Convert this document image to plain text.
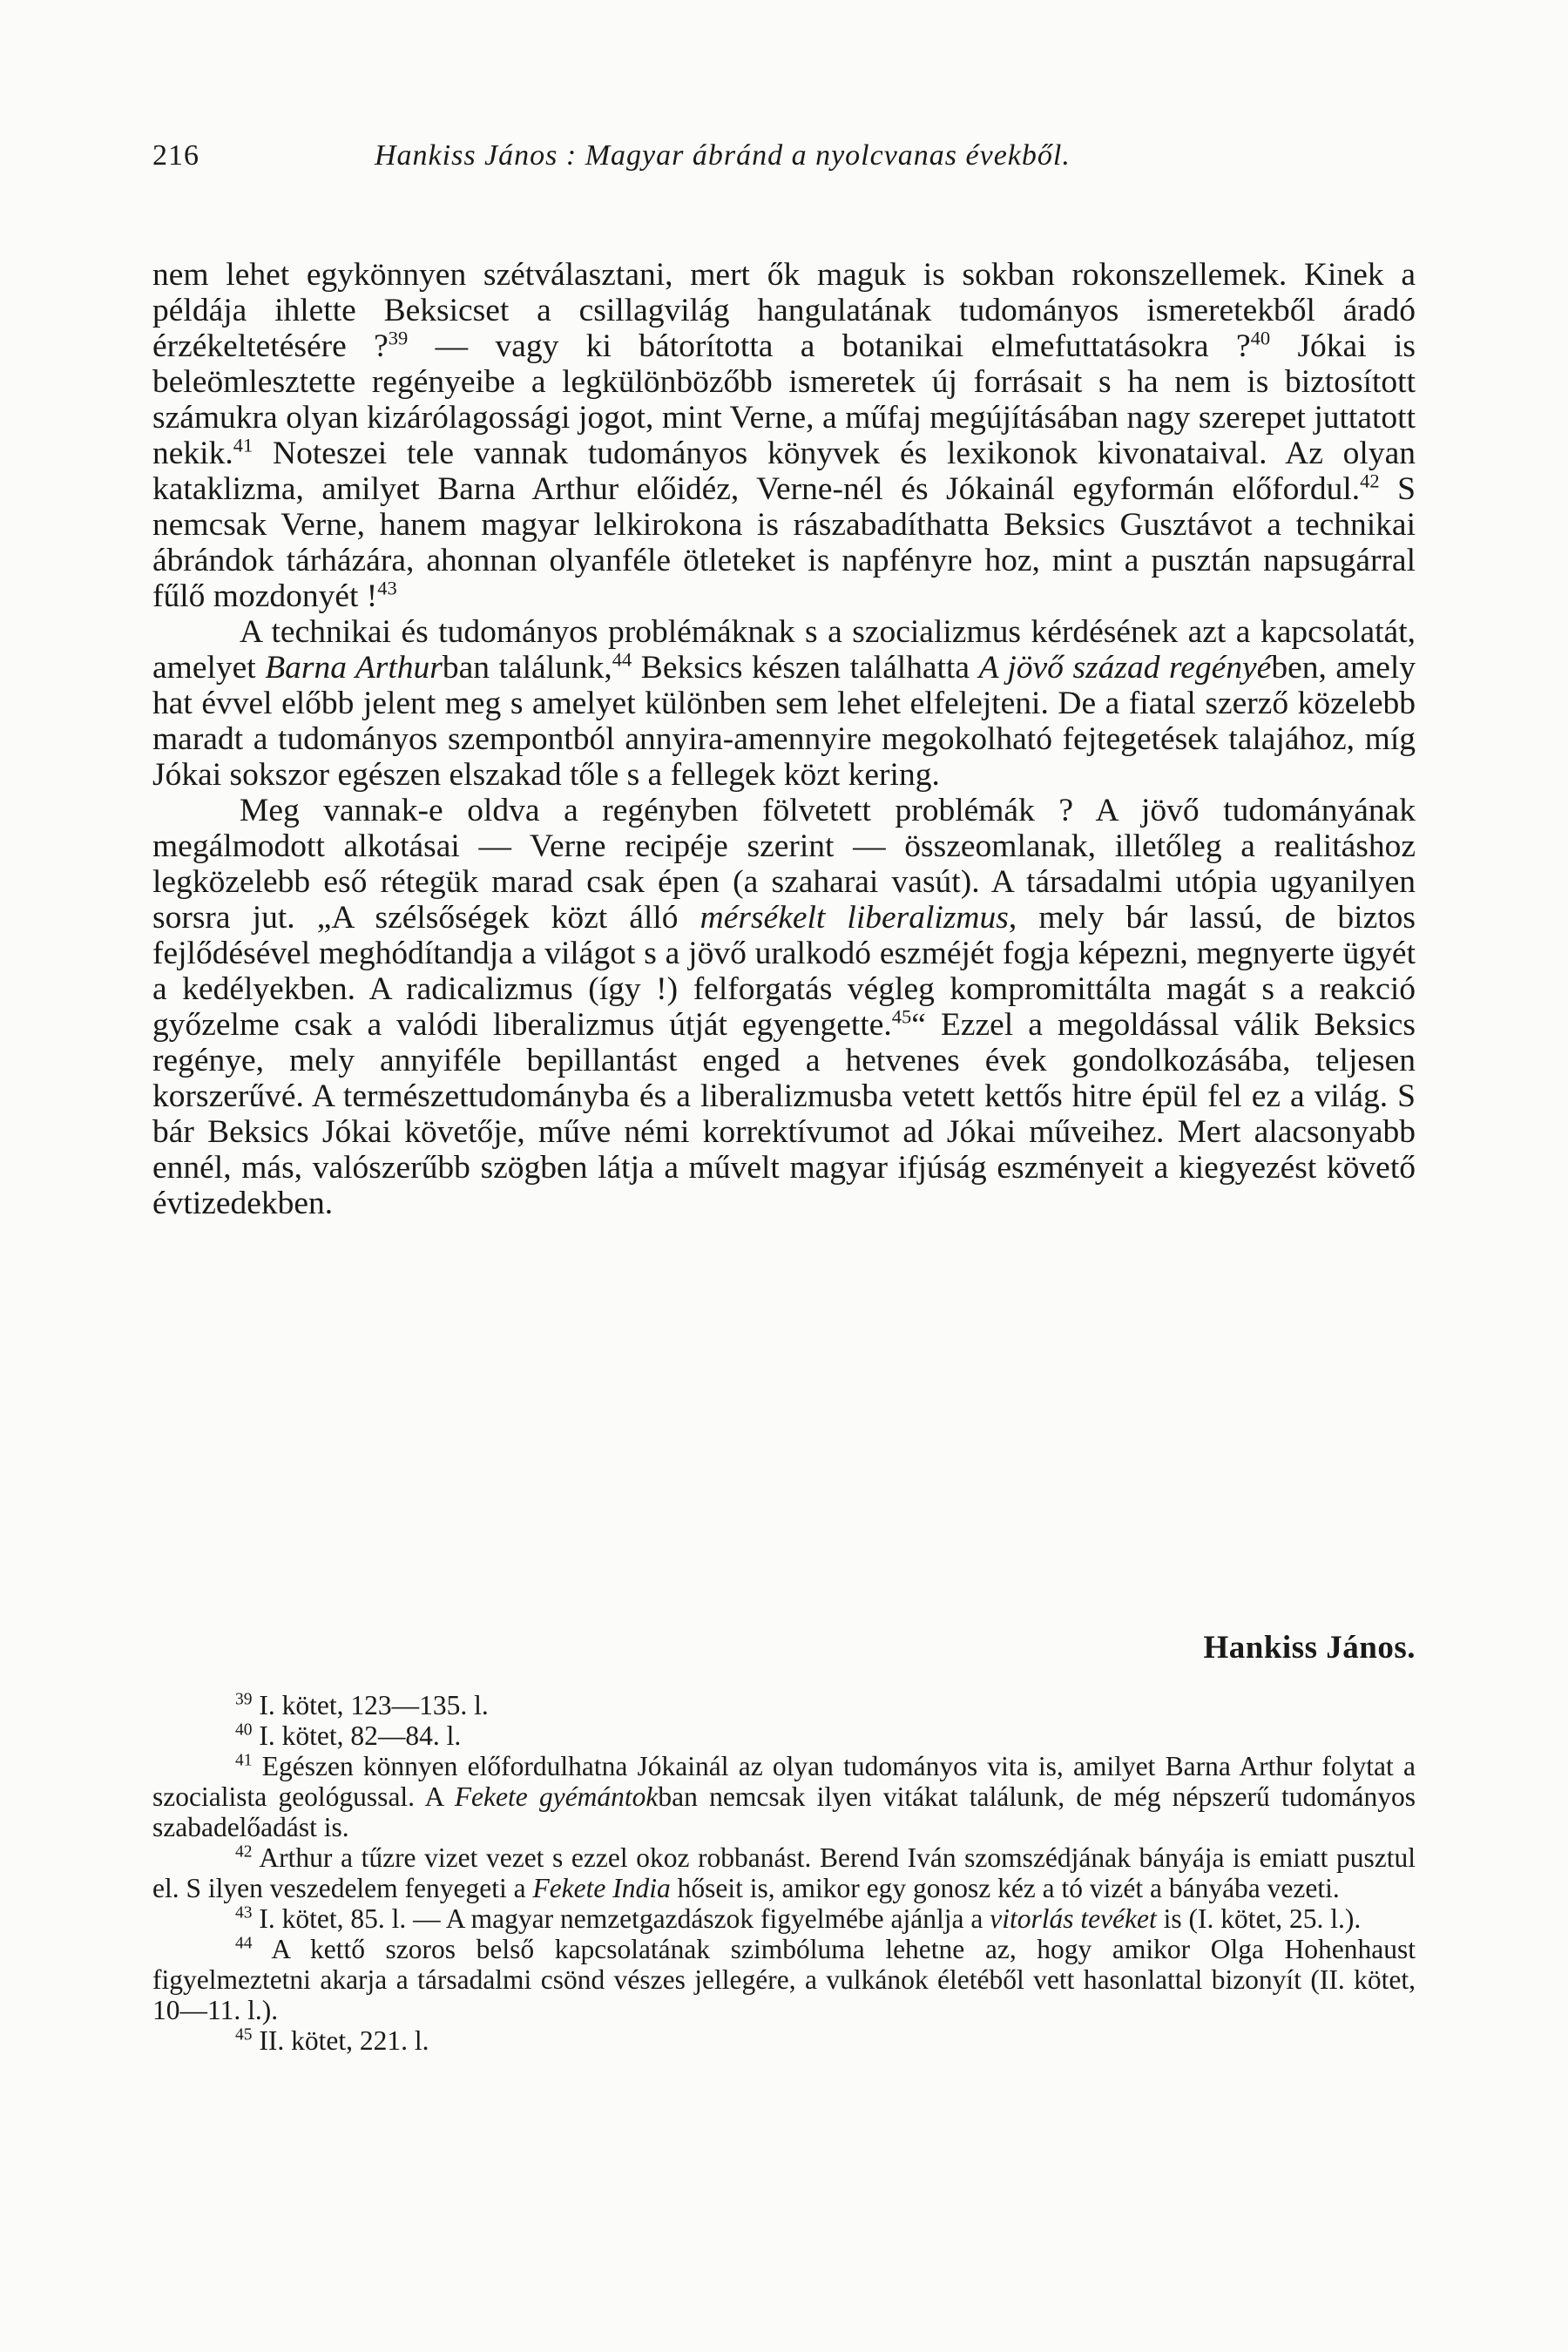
216	Hankiss János : Magyar ábránd a nyolcvanas évekből.

nem lehet egykönnyen szétválasztani, mert ők maguk is sokban rokonszellemek. Kinek a példája ihlette Beksicset a csillagvilág hangulatának tudományos ismeretekből áradó érzékeltetésére ?$^{39}$ — vagy ki bátorította a botanikai elmefuttatásokra ?$^{40}$ Jókai is beleömlesztette regényeibe a legkülönbözőbb ismeretek új forrásait s ha nem is biztosított számukra olyan kizárólagossági jogot, mint Verne, a műfaj megújításában nagy szerepet juttatott nekik.$^{41}$ Noteszei tele vannak tudományos könyvek és lexikonok kivonataival. Az olyan kataklizma, amilyet Barna Arthur előidéz, Verne-nél és Jókainál egyformán előfordul.$^{42}$ S nemcsak Verne, hanem magyar lelkirokona is rászabadíthatta Beksics Gusztávot a technikai ábrándok tárházára, ahonnan olyanféle ötleteket is napfényre hoz, mint a pusztán napsugárral fűlő mozdonyét !$^{43}$

A technikai és tudományos problémáknak s a szocializmus kérdésének azt a kapcsolatát, amelyet Barna Arthurban találunk,$^{44}$ Beksics készen találhatta A jövő század regényében, amely hat évvel előbb jelent meg s amelyet különben sem lehet elfelejteni. De a fiatal szerző közelebb maradt a tudományos szempontból annyira-amennyire megokolható fejtegetések talajához, míg Jókai sokszor egészen elszakad tőle s a fellegek közt kering.

Meg vannak-e oldva a regényben fölvetett problémák ? A jövő tudományának megálmodott alkotásai — Verne recipéje szerint — összeomlanak, illetőleg a realitáshoz legközelebb eső rétegük marad csak épen (a szaharai vasút). A társadalmi utópia ugyanilyen sorsra jut. „A szélsőségek közt álló mérsékelt liberalizmus, mely bár lassú, de biztos fejlődésével meghódítandja a világot s a jövő uralkodó eszméjét fogja képezni, megnyerte ügyét a kedélyekben. A radicalizmus (így !) felforgatás végleg kompromittálta magát s a reakció győzelme csak a valódi liberalizmus útját egyengette.$^{45}$“ Ezzel a megoldással válik Beksics regénye, mely annyiféle bepillantást enged a hetvenes évek gondolkozásába, teljesen korszerűvé. A természettudományba és a liberalizmusba vetett kettős hitre épül fel ez a világ. S bár Beksics Jókai követője, műve némi korrektívumot ad Jókai műveihez. Mert alacsonyabb ennél, más, valószerűbb szögben látja a művelt magyar ifjúság eszményeit a kiegyezést követő évtizedekben.

Hankiss János.

$^{39}$ I. kötet, 123—135. l.

$^{40}$ I. kötet, 82—84. l.

$^{41}$ Egészen könnyen előfordulhatna Jókainál az olyan tudományos vita is, amilyet Barna Arthur folytat a szocialista geológussal. A Fekete gyémántokban nemcsak ilyen vitákat találunk, de még népszerű tudományos szabadelőadást is.

$^{42}$ Arthur a tűzre vizet vezet s ezzel okoz robbanást. Berend Iván szomszédjának bányája is emiatt pusztul el. S ilyen veszedelem fenyegeti a Fekete India hőseit is, amikor egy gonosz kéz a tó vizét a bányába vezeti.

$^{43}$ I. kötet, 85. l. — A magyar nemzetgazdászok figyelmébe ajánlja a vitorlás tevéket is (I. kötet, 25. l.).

$^{44}$ A kettő szoros belső kapcsolatának szimbóluma lehetne az, hogy amikor Olga Hohenhaust figyelmeztetni akarja a társadalmi csönd vészes jellegére, a vulkánok életéből vett hasonlattal bizonyít (II. kötet, 10—11. l.).

$^{45}$ II. kötet, 221. l.
